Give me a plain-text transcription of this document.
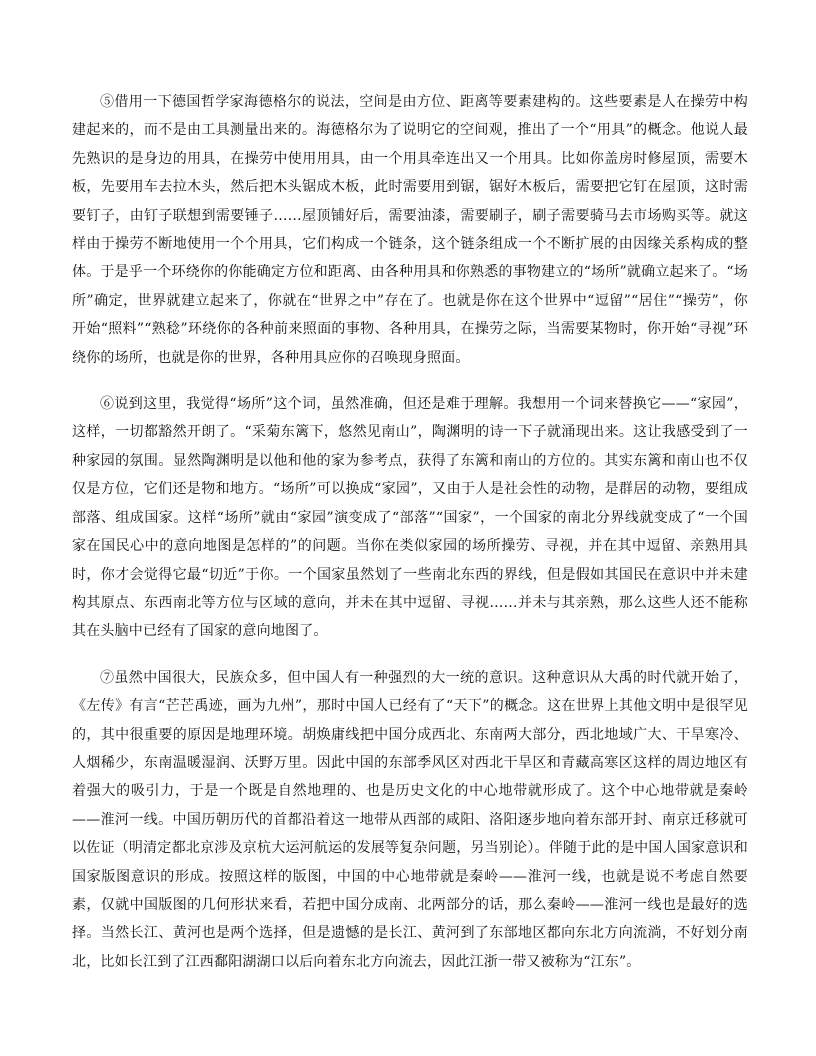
⑤借用一下德国哲学家海德格尔的说法，空间是由方位、距离等要素建构的。这些要素是人在操劳中构建起来的，而不是由工具测量出来的。海德格尔为了说明它的空间观，推出了一个“用具”的概念。他说人最先熟识的是身边的用具，在操劳中使用用具，由一个用具牵连出又一个用具。比如你盖房时修屋顶，需要木板，先要用车去拉木头，然后把木头锯成木板，此时需要用到锯，锯好木板后，需要把它钉在屋顶，这时需要钉子，由钉子联想到需要锤子……屋顶铺好后，需要油漆，需要刷子，刷子需要骑马去市场购买等。就这样由于操劳不断地使用一个个用具，它们构成一个链条，这个链条组成一个不断扩展的由因缘关系构成的整体。于是乎一个环绕你的你能确定方位和距离、由各种用具和你熟悉的事物建立的“场所”就确立起来了。“场所”确定，世界就建立起来了，你就在“世界之中”存在了。也就是你在这个世界中“逗留”“居住”“操劳”，你开始“照料”“熟稔”环绕你的各种前来照面的事物、各种用具，在操劳之际，当需要某物时，你开始“寻视”环绕你的场所，也就是你的世界，各种用具应你的召唤现身照面。

⑥说到这里，我觉得“场所”这个词，虽然准确，但还是难于理解。我想用一个词来替换它——“家园”，这样，一切都豁然开朗了。“采菊东篱下，悠然见南山”，陶渊明的诗一下子就涌现出来。这让我感受到了一种家园的氛围。显然陶渊明是以他和他的家为参考点，获得了东篱和南山的方位的。其实东篱和南山也不仅仅是方位，它们还是物和地方。“场所”可以换成“家园”，又由于人是社会性的动物，是群居的动物，要组成部落、组成国家。这样“场所”就由“家园”演变成了“部落”“国家”，一个国家的南北分界线就变成了“一个国家在国民心中的意向地图是怎样的”的问题。当你在类似家园的场所操劳、寻视，并在其中逗留、亲熟用具时，你才会觉得它最“切近”于你。一个国家虽然划了一些南北东西的界线，但是假如其国民在意识中并未建构其原点、东西南北等方位与区域的意向，并未在其中逗留、寻视……并未与其亲熟，那么这些人还不能称其在头脑中已经有了国家的意向地图了。

⑦虽然中国很大，民族众多，但中国人有一种强烈的大一统的意识。这种意识从大禹的时代就开始了，《左传》有言“芒芒禹迹，画为九州”，那时中国人已经有了“天下”的概念。这在世界上其他文明中是很罕见的，其中很重要的原因是地理环境。胡焕庸线把中国分成西北、东南两大部分，西北地域广大、干旱寒冷、人烟稀少，东南温暖湿润、沃野万里。因此中国的东部季风区对西北干旱区和青藏高寒区这样的周边地区有着强大的吸引力，于是一个既是自然地理的、也是历史文化的中心地带就形成了。这个中心地带就是秦岭——淮河一线。中国历朝历代的首都沿着这一地带从西部的咸阳、洛阳逐步地向着东部开封、南京迁移就可以佐证（明清定都北京涉及京杭大运河航运的发展等复杂问题，另当别论）。伴随于此的是中国人国家意识和国家版图意识的形成。按照这样的版图，中国的中心地带就是秦岭——淮河一线，也就是说不考虑自然要素，仅就中国版图的几何形状来看，若把中国分成南、北两部分的话，那么秦岭——淮河一线也是最好的选择。当然长江、黄河也是两个选择，但是遗憾的是长江、黄河到了东部地区都向东北方向流淌，不好划分南北，比如长江到了江西鄱阳湖湖口以后向着东北方向流去，因此江浙一带又被称为“江东”。
